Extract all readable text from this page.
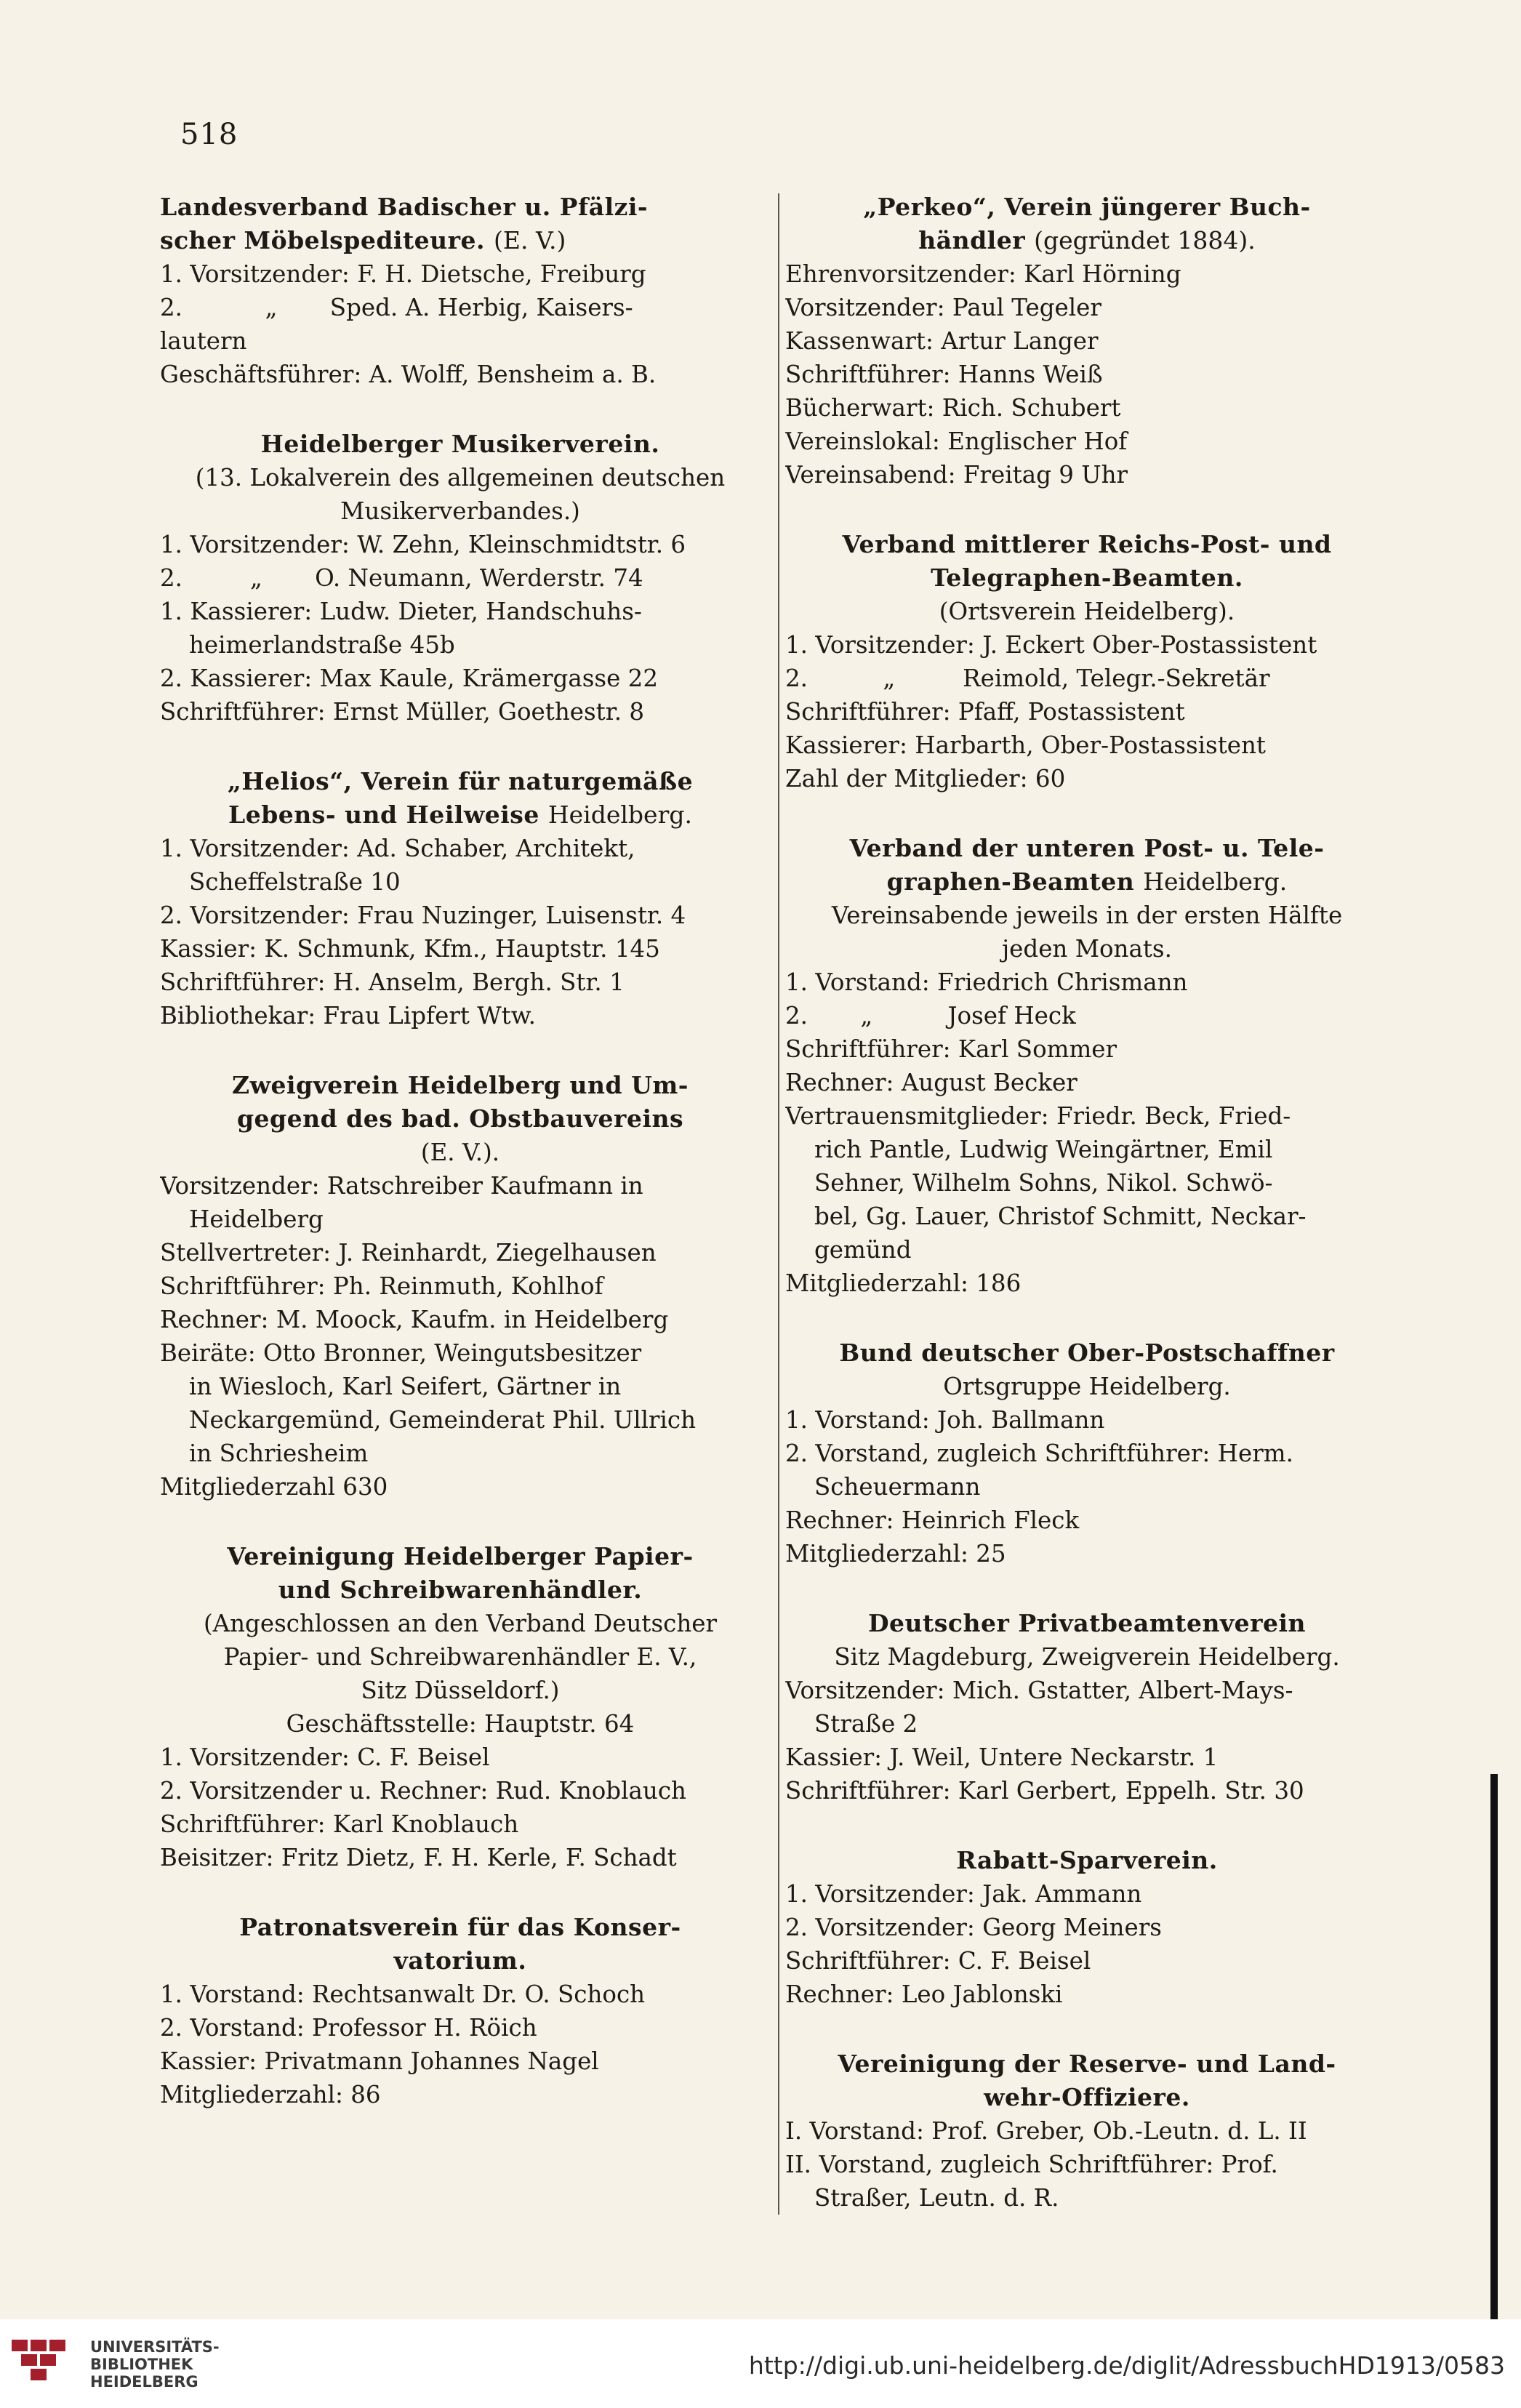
518
Landesverband Badischer u. Pfälzi-
scher Möbelspediteure. (E. V.)
1. Vorsitzender: F. H. Dietsche, Freiburg
2.           „       Sped. A. Herbig, Kaisers-
lautern
Geschäftsführer: A. Wolff, Bensheim a. B.
Heidelberger Musikerverein.
(13. Lokalverein des allgemeinen deutschen
Musikerverbandes.)
1. Vorsitzender: W. Zehn, Kleinschmidtstr. 6
2.         „       O. Neumann, Werderstr. 74
1. Kassierer: Ludw. Dieter, Handschuhs-
heimerlandstraße 45b
2. Kassierer: Max Kaule, Krämergasse 22
Schriftführer: Ernst Müller, Goethestr. 8
„Helios“, Verein für naturgemäße
Lebens- und Heilweise Heidelberg.
1. Vorsitzender: Ad. Schaber, Architekt,
Scheffelstraße 10
2. Vorsitzender: Frau Nuzinger, Luisenstr. 4
Kassier: K. Schmunk, Kfm., Hauptstr. 145
Schriftführer: H. Anselm, Bergh. Str. 1
Bibliothekar: Frau Lipfert Wtw.
Zweigverein Heidelberg und Um-
gegend des bad. Obstbauvereins
(E. V.).
Vorsitzender: Ratschreiber Kaufmann in
Heidelberg
Stellvertreter: J. Reinhardt, Ziegelhausen
Schriftführer: Ph. Reinmuth, Kohlhof
Rechner: M. Moock, Kaufm. in Heidelberg
Beiräte: Otto Bronner, Weingutsbesitzer
in Wiesloch, Karl Seifert, Gärtner in
Neckargemünd, Gemeinderat Phil. Ullrich
in Schriesheim
Mitgliederzahl 630
Vereinigung Heidelberger Papier-
und Schreibwarenhändler.
(Angeschlossen an den Verband Deutscher
Papier- und Schreibwarenhändler E. V.,
Sitz Düsseldorf.)
Geschäftsstelle: Hauptstr. 64
1. Vorsitzender: C. F. Beisel
2. Vorsitzender u. Rechner: Rud. Knoblauch
Schriftführer: Karl Knoblauch
Beisitzer: Fritz Dietz, F. H. Kerle, F. Schadt
Patronatsverein für das Konser-
vatorium.
1. Vorstand: Rechtsanwalt Dr. O. Schoch
2. Vorstand: Professor H. Röich
Kassier: Privatmann Johannes Nagel
Mitgliederzahl: 86
„Perkeo“, Verein jüngerer Buch-
händler (gegründet 1884).
Ehrenvorsitzender: Karl Hörning
Vorsitzender: Paul Tegeler
Kassenwart: Artur Langer
Schriftführer: Hanns Weiß
Bücherwart: Rich. Schubert
Vereinslokal: Englischer Hof
Vereinsabend: Freitag 9 Uhr
Verband mittlerer Reichs-Post- und
Telegraphen-Beamten.
(Ortsverein Heidelberg).
1. Vorsitzender: J. Eckert Ober-Postassistent
2.          „         Reimold, Telegr.-Sekretär
Schriftführer: Pfaff, Postassistent
Kassierer: Harbarth, Ober-Postassistent
Zahl der Mitglieder: 60
Verband der unteren Post- u. Tele-
graphen-Beamten Heidelberg.
Vereinsabende jeweils in der ersten Hälfte
jeden Monats.
1. Vorstand: Friedrich Chrismann
2.       „          Josef Heck
Schriftführer: Karl Sommer
Rechner: August Becker
Vertrauensmitglieder: Friedr. Beck, Fried-
rich Pantle, Ludwig Weingärtner, Emil
Sehner, Wilhelm Sohns, Nikol. Schwö-
bel, Gg. Lauer, Christof Schmitt, Neckar-
gemünd
Mitgliederzahl: 186
Bund deutscher Ober-Postschaffner
Ortsgruppe Heidelberg.
1. Vorstand: Joh. Ballmann
2. Vorstand, zugleich Schriftführer: Herm.
Scheuermann
Rechner: Heinrich Fleck
Mitgliederzahl: 25
Deutscher Privatbeamtenverein
Sitz Magdeburg, Zweigverein Heidelberg.
Vorsitzender: Mich. Gstatter, Albert-Mays-
Straße 2
Kassier: J. Weil, Untere Neckarstr. 1
Schriftführer: Karl Gerbert, Eppelh. Str. 30
Rabatt-Sparverein.
1. Vorsitzender: Jak. Ammann
2. Vorsitzender: Georg Meiners
Schriftführer: C. F. Beisel
Rechner: Leo Jablonski
Vereinigung der Reserve- und Land-
wehr-Offiziere.
I. Vorstand: Prof. Greber, Ob.-Leutn. d. L. II
II. Vorstand, zugleich Schriftführer: Prof.
Straßer, Leutn. d. R.
UNIVERSITÄTS-
BIBLIOTHEK
HEIDELBERG
http://digi.ub.uni-heidelberg.de/diglit/AdressbuchHD1913/0583
